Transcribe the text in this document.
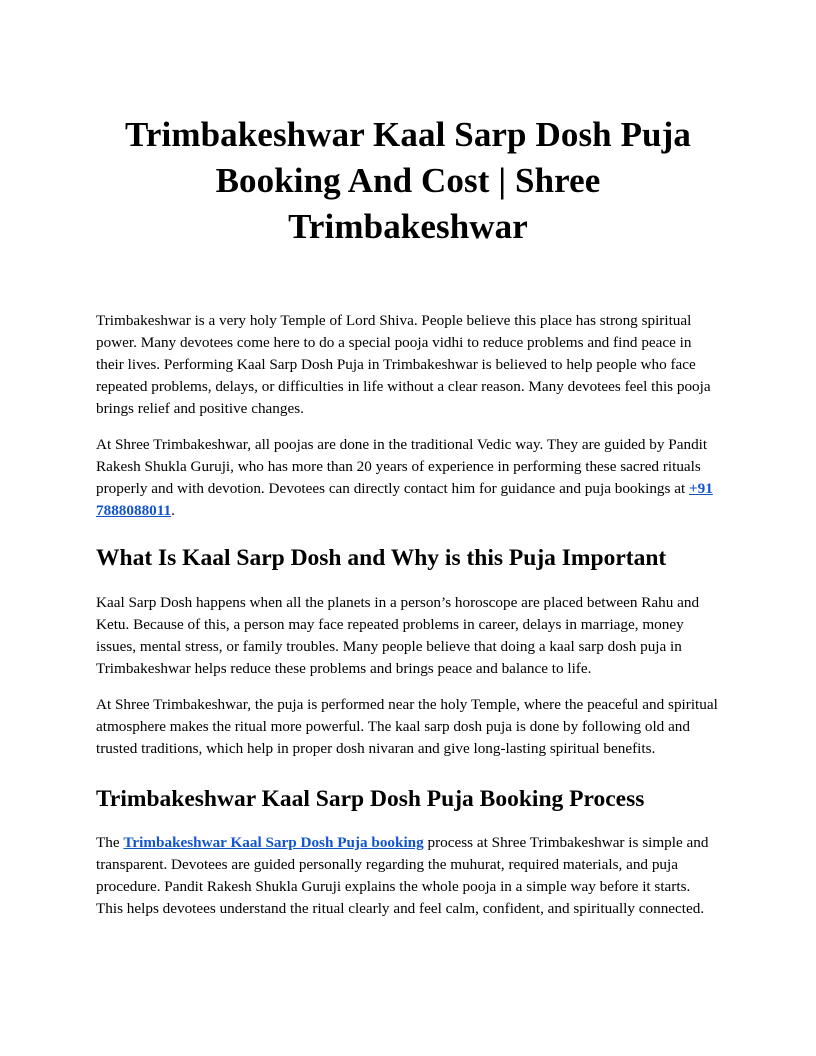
Trimbakeshwar Kaal Sarp Dosh Puja
Booking And Cost | Shree Trimbakeshwar

Trimbakeshwar is a very holy Temple of Lord Shiva. People believe this place has strong spiritual power. Many devotees come here to do a special pooja vidhi to reduce problems and find peace in their lives. Performing Kaal Sarp Dosh Puja in Trimbakeshwar is believed to help people who face repeated problems, delays, or difficulties in life without a clear reason. Many devotees feel this pooja brings relief and positive changes.

At Shree Trimbakeshwar, all poojas are done in the traditional Vedic way. They are guided by Pandit Rakesh Shukla Guruji, who has more than 20 years of experience in performing these sacred rituals properly and with devotion. Devotees can directly contact him for guidance and puja bookings at +91 7888088011.

What Is Kaal Sarp Dosh and Why is this Puja Important

Kaal Sarp Dosh happens when all the planets in a person’s horoscope are placed between Rahu and Ketu. Because of this, a person may face repeated problems in career, delays in marriage, money issues, mental stress, or family troubles. Many people believe that doing a kaal sarp dosh puja in Trimbakeshwar helps reduce these problems and brings peace and balance to life.

At Shree Trimbakeshwar, the puja is performed near the holy Temple, where the peaceful and spiritual atmosphere makes the ritual more powerful. The kaal sarp dosh puja is done by following old and trusted traditions, which help in proper dosh nivaran and give long-lasting spiritual benefits.

Trimbakeshwar Kaal Sarp Dosh Puja Booking Process

The Trimbakeshwar Kaal Sarp Dosh Puja booking process at Shree Trimbakeshwar is simple and transparent. Devotees are guided personally regarding the muhurat, required materials, and puja procedure. Pandit Rakesh Shukla Guruji explains the whole pooja in a simple way before it starts. This helps devotees understand the ritual clearly and feel calm, confident, and spiritually connected.
